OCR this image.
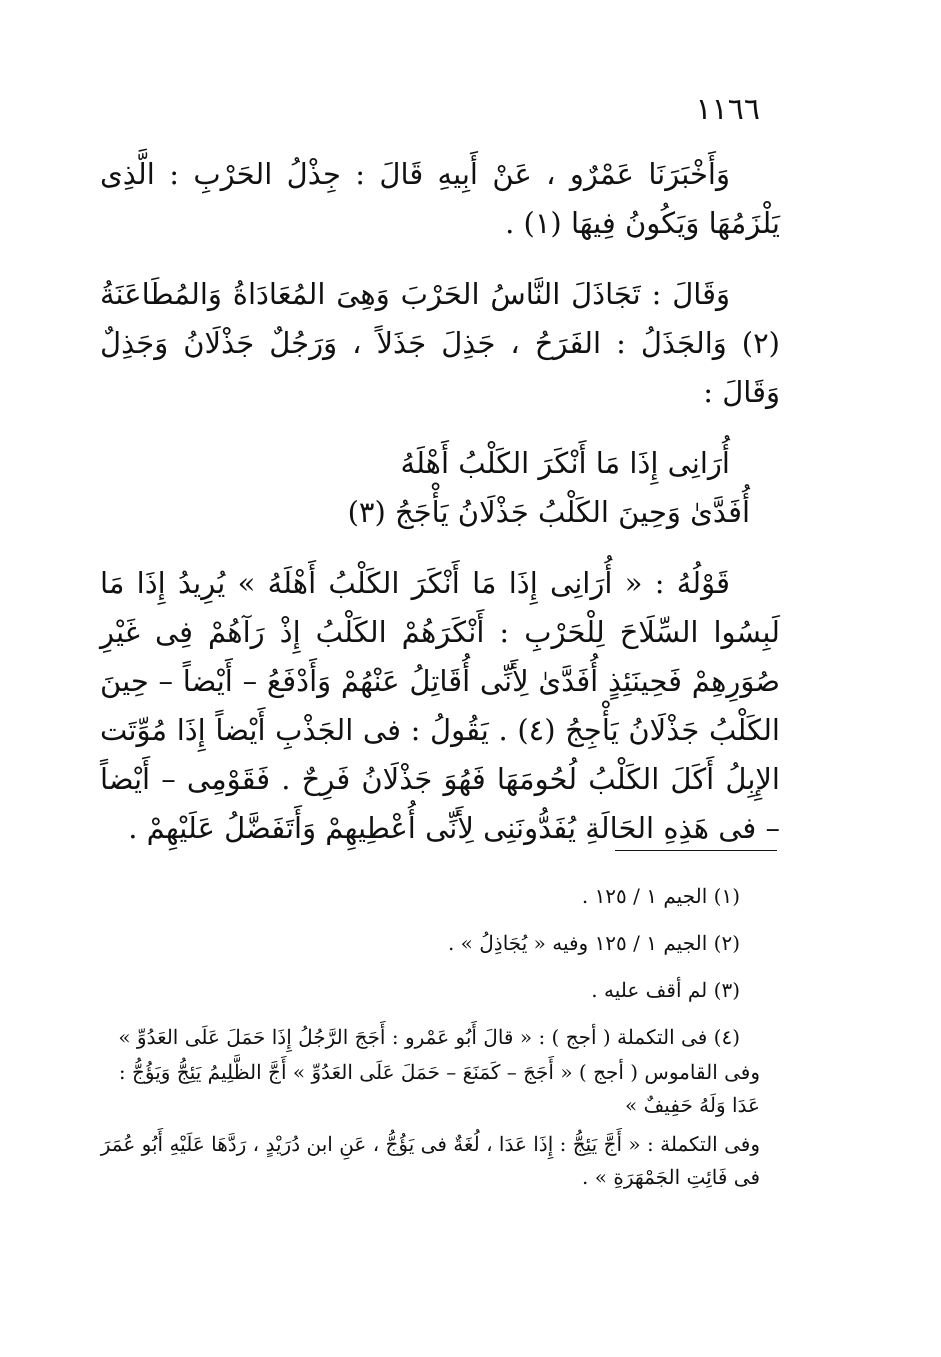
١١٦٦

وَأَخْبَرَنَا عَمْرٌو ، عَنْ أَبِيهِ قَالَ : جِذْلُ الحَرْبِ : الَّذِى يَلْزَمُهَا وَيَكُونُ فِيهَا (١) .

وَقَالَ : تَجَاذَلَ النَّاسُ الحَرْبَ وَهِىَ المُعَادَاةُ وَالمُطَاعَنَةُ (٢) وَالجَذَلُ : الفَرَحُ ، جَذِلَ جَذَلاً ، وَرَجُلٌ جَذْلَانُ وَجَذِلٌ وَقَالَ :

أُرَانِى إِذَا مَا أَنْكَرَ الكَلْبُ أَهْلَهُ
أُفَدَّىٰ وَحِينَ الكَلْبُ جَذْلَانُ يَأْجَجُ (٣)

قَوْلُهُ : « أُرَانِى إِذَا مَا أَنْكَرَ الكَلْبُ أَهْلَهُ » يُرِيدُ إِذَا مَا لَبِسُوا السِّلَاحَ لِلْحَرْبِ : أَنْكَرَهُمْ الكَلْبُ إِذْ رَآهُمْ فِى غَيْرِ صُوَرِهِمْ فَحِينَئِذٍ أُفَدَّىٰ لِأَنِّى أُقَاتِلُ عَنْهُمْ وَأَدْفَعُ – أَيْضاً – حِينَ الكَلْبُ جَذْلَانُ يَأْجِجُ (٤) . يَقُولُ : فى الجَذْبِ أَيْضاً إِذَا مُوِّتَت الإِبِلُ أَكَلَ الكَلْبُ لُحُومَهَا فَهُوَ جَذْلَانُ فَرِحٌ . فَقَوْمِى – أَيْضاً – فى هَذِهِ الحَالَةِ يُفَدُّونَنِى لِأَنِّى أُعْطِيهِمْ وَأَتَفَضَّلُ عَلَيْهِمْ .

(١) الجيم ١ / ١٢٥ .
(٢) الجيم ١ / ١٢٥ وفيه « يُجَاذِلُ » .
(٣) لم أقف عليه .
(٤) فى التكملة ( أجج ) : « قالَ أَبُو عَمْرو : أَجَجَ الرَّجُلُ إِذَا حَمَلَ عَلَى العَدُوِّ »
وفى القاموس ( أجج ) « أَجَجَ – كَمَنَعَ – حَمَلَ عَلَى العَدُوِّ » أَجَّ الظَّلِيمُ يَئِجُّ وَيَؤُجُّ : عَدَا وَلَهُ حَفِيفٌ »
وفى التكملة : « أَجَّ يَئِجُّ : إِذَا عَدَا ، لُغَةٌ فى يَؤُجُّ ، عَنِ ابن دُرَيْدٍ ، رَدَّهَا عَلَيْهِ أَبُو عُمَرَ فى فَائِتِ الجَمْهَرَةِ » .
